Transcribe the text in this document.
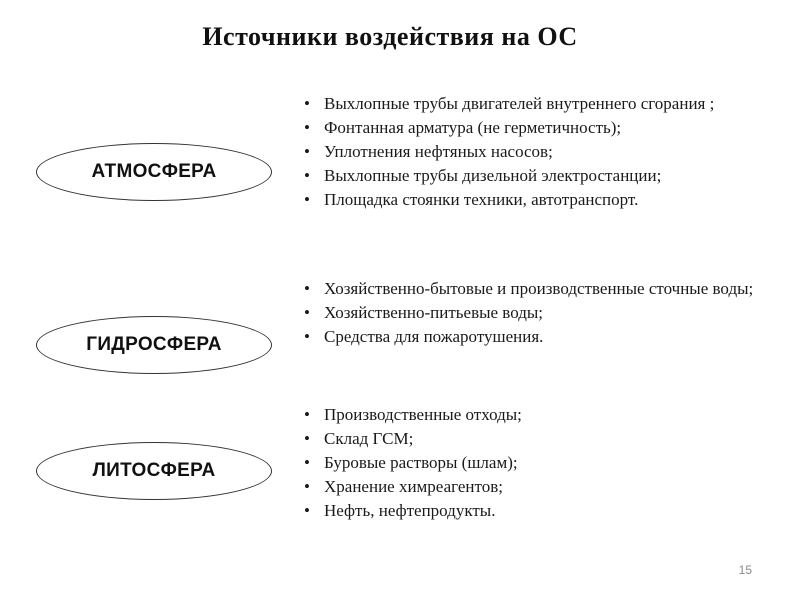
Источники воздействия на ОС
АТМОСФЕРА
• Выхлопные трубы двигателей внутреннего сгорания ;
• Фонтанная арматура (не герметичность);
• Уплотнения нефтяных насосов;
• Выхлопные трубы дизельной электростанции;
• Площадка стоянки техники, автотранспорт.
ГИДРОСФЕРА
• Хозяйственно-бытовые и производственные сточные воды;
• Хозяйственно-питьевые воды;
• Средства для пожаротушения.
ЛИТОСФЕРА
• Производственные отходы;
• Склад ГСМ;
• Буровые растворы (шлам);
• Хранение химреагентов;
• Нефть, нефтепродукты.
15
